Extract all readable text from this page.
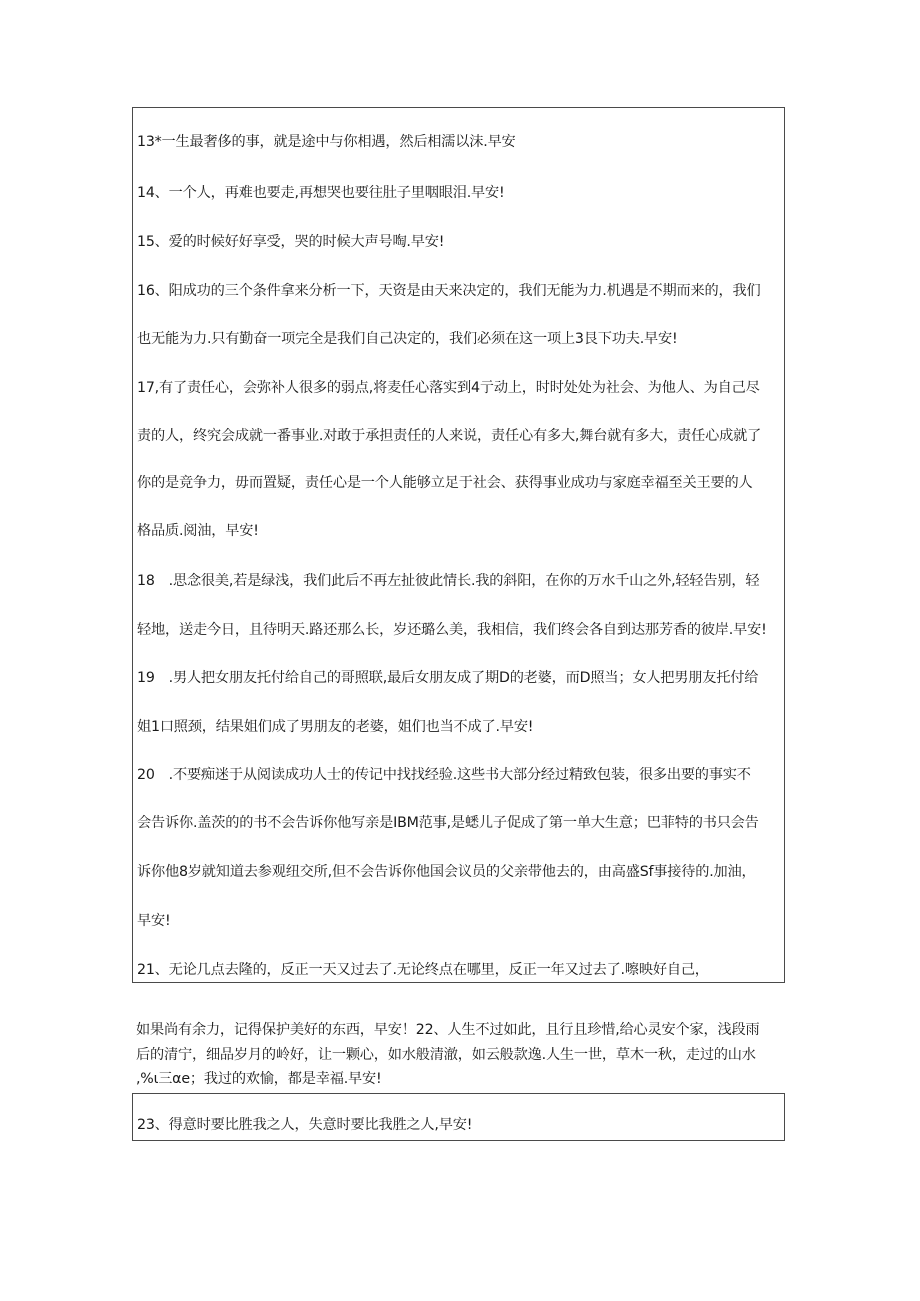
13*一生最奢侈的事，就是途中与你相遇，然后相濡以沫.早安
14、一个人，再难也要走,再想哭也要往肚子里咽眼泪.早安!
15、爱的时候好好享受，哭的时候大声号啕.早安!
16、阳成功的三个条件拿来分析一下，天资是由天来决定的，我们无能为力.机遇是不期而来的，我们
也无能为力.只有勤奋一项完全是我们自己决定的，我们必须在这一项上3艮下功夫.早安!
17,有了责任心，会弥补人很多的弱点,将麦任心落实到4亍动上，时时处处为社会、为他人、为自己尽
责的人，终究会成就一番事业.对敢于承担责任的人来说，责任心有多大,舞台就有多大，责任心成就了
你的是竞争力，毋而置疑，责任心是一个人能够立足于社会、获得事业成功与家庭幸福至关王要的人
格品质.阅油，早安!
18　.思念很美,若是绿浅，我们此后不再左扯彼此情长.我的斜阳，在你的万水千山之外,轻轻告别，轻
轻地，送走今日，且待明天.路还那么长，岁还璐么美，我相信，我们终会各自到达那芳香的彼岸.早安!
19　.男人把女朋友托付给自己的哥照联,最后女朋友成了期D的老婆，而D照当；女人把男朋友托付给
姐1口照颈，结果姐们成了男朋友的老婆，姐们也当不成了.早安!
20　.不要痴迷于从阅读成功人士的传记中找找经验.这些书大部分经过精致包装，很多出要的事实不
会告诉你.盖茨的的书不会告诉你他写亲是IBM范事,是蟋儿子促成了第一单大生意；巴菲特的书只会告
诉你他8岁就知道去参观纽交所,但不会告诉你他国会议员的父亲带他去的，由高盛Sf事接待的.加油，
早安!
21、无论几点去隆的，反正一天又过去了.无论终点在哪里，反正一年又过去了.嚓映好自己，
如果尚有余力，记得保护美好的东西，早安！22、人生不过如此，且行且珍惜,给心灵安个家，浅段雨
后的清宁，细品岁月的岭好，让一颗心，如水般清澈，如云般款逸.人生一世，草木一秋，走过的山水
,%ι三αe；我过的欢愉，都是幸福.早安!
23、得意时要比胜我之人，失意时要比我胜之人,早安!
